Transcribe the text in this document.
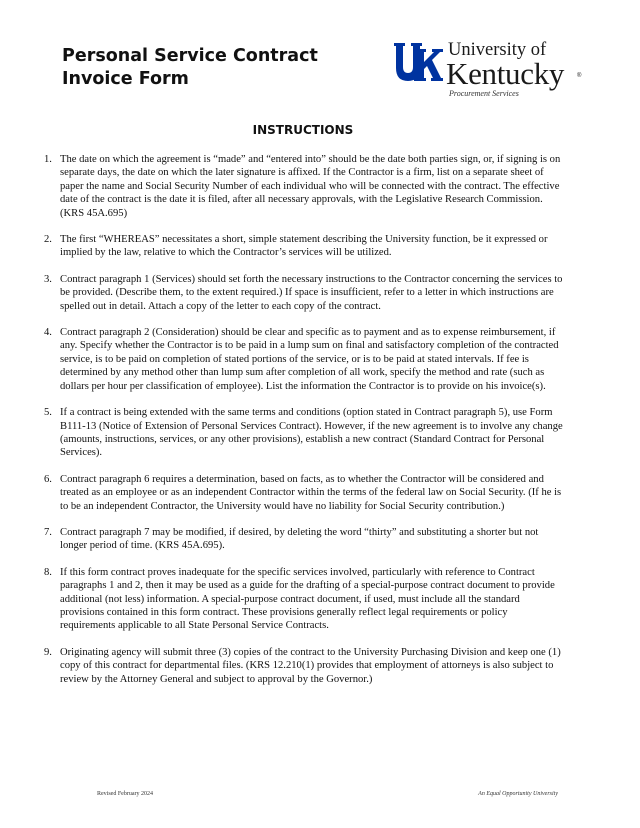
Personal Service Contract
Invoice Form
University of
Kentucky ®
Procurement Services
INSTRUCTIONS

1. The date on which the agreement is “made” and “entered into” should be the date both parties sign, or, if signing is on separate days, the date on which the later signature is affixed. If the Contractor is a firm, list on a separate sheet of paper the name and Social Security Number of each individual who will be connected with the contract. The effective date of the contract is the date it is filed, after all necessary approvals, with the Legislative Research Commission. (KRS 45A.695)

2. The first “WHEREAS” necessitates a short, simple statement describing the University function, be it expressed or implied by the law, relative to which the Contractor’s services will be utilized.

3. Contract paragraph 1 (Services) should set forth the necessary instructions to the Contractor concerning the services to be provided. (Describe them, to the extent required.) If space is insufficient, refer to a letter in which instructions are spelled out in detail. Attach a copy of the letter to each copy of the contract.

4. Contract paragraph 2 (Consideration) should be clear and specific as to payment and as to expense reimbursement, if any. Specify whether the Contractor is to be paid in a lump sum on final and satisfactory completion of the contracted service, is to be paid on completion of stated portions of the service, or is to be paid at stated intervals. If fee is determined by any method other than lump sum after completion of all work, specify the method and rate (such as dollars per hour per classification of employee). List the information the Contractor is to provide on his invoice(s).

5. If a contract is being extended with the same terms and conditions (option stated in Contract paragraph 5), use Form B111-13 (Notice of Extension of Personal Services Contract). However, if the new agreement is to involve any change (amounts, instructions, services, or any other provisions), establish a new contract (Standard Contract for Personal Services).

6. Contract paragraph 6 requires a determination, based on facts, as to whether the Contractor will be considered and treated as an employee or as an independent Contractor within the terms of the federal law on Social Security. (If he is to be an independent Contractor, the University would have no liability for Social Security contribution.)

7. Contract paragraph 7 may be modified, if desired, by deleting the word “thirty” and substituting a shorter but not longer period of time. (KRS 45A.695).

8. If this form contract proves inadequate for the specific services involved, particularly with reference to Contract paragraphs 1 and 2, then it may be used as a guide for the drafting of a special-purpose contract document to provide additional (not less) information. A special-purpose contract document, if used, must include all the standard provisions contained in this form contract. These provisions generally reflect legal requirements or policy requirements applicable to all State Personal Service Contracts.

9. Originating agency will submit three (3) copies of the contract to the University Purchasing Division and keep one (1) copy of this contract for departmental files. (KRS 12.210(1) provides that employment of attorneys is also subject to review by the Attorney General and subject to approval by the Governor.)

Revised February 2024	An Equal Opportunity University
